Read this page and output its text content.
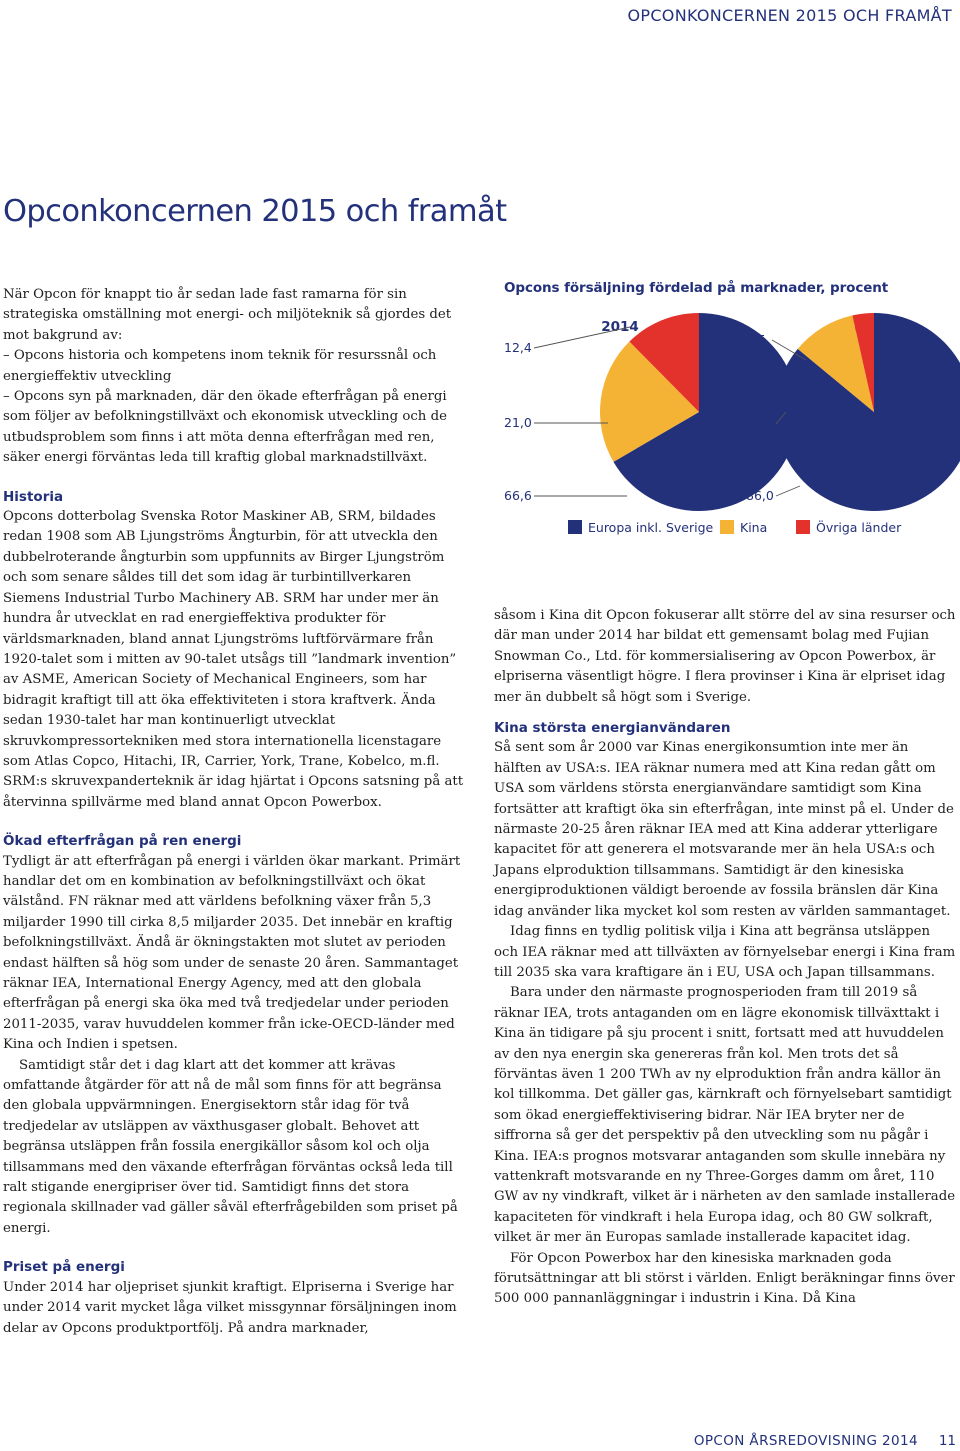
OPCONKONCERNEN 2015 OCH FRAMÅT
Opconkoncernen 2015 och framåt

När Opcon för knappt tio år sedan lade fast ramarna för sin strategiska omställning mot energi- och miljöteknik så gjordes det mot bakgrund av:

– Opcons historia och kompetens inom teknik för resurssnål och energieffektiv utveckling

– Opcons syn på marknaden, där den ökade efterfrågan på energi som följer av befolkningstillväxt och ekonomisk utveckling och de utbudsproblem som finns i att möta denna efterfrågan med ren, säker energi förväntas leda till kraftig global marknadstillväxt.

Historia

Opcons dotterbolag Svenska Rotor Maskiner AB, SRM, bildades redan 1908 som AB Ljungströms Ångturbin, för att utveckla den dubbelroterande ångturbin som uppfunnits av Birger Ljungström och som senare såldes till det som idag är turbintillverkaren Siemens Industrial Turbo Machinery AB. SRM har under mer än hundra år utvecklat en rad energieffektiva produkter för världsmarknaden, bland annat Ljungströms luftförvärmare från 1920-talet som i mitten av 90-talet utsågs till ”landmark invention” av ASME, American Society of Mechanical Engineers, som har bidragit kraftigt till att öka effektiviteten i stora kraftverk. Ända sedan 1930-talet har man kontinuerligt utvecklat skruvkompressortekniken med stora internationella licenstagare som Atlas Copco, Hitachi, IR, Carrier, York, Trane, Kobelco, m.fl. SRM:s skruvexpanderteknik är idag hjärtat i Opcons satsning på att återvinna spillvärme med bland annat Opcon Powerbox.

Ökad efterfrågan på ren energi

Tydligt är att efterfrågan på energi i världen ökar markant. Primärt handlar det om en kombination av befolkningstillväxt och ökat välstånd. FN räknar med att världens befolkning växer från 5,3 miljarder 1990 till cirka 8,5 miljarder 2035. Det innebär en kraftig befolkningstillväxt. Ändå är ökningstakten mot slutet av perioden endast hälften så hög som under de senaste 20 åren. Sammantaget räknar IEA, International Energy Agency, med att den globala efterfrågan på energi ska öka med två tredjedelar under perioden 2011-2035, varav huvuddelen kommer från icke-OECD-länder med Kina och Indien i spetsen.

Samtidigt står det i dag klart att det kommer att krävas omfattande åtgärder för att nå de mål som finns för att begränsa den globala uppvärmningen. Energisektorn står idag för två tredjedelar av utsläppen av växthusgaser globalt. Behovet att begränsa utsläppen från fossila energikällor såsom kol och olja tillsammans med den växande efterfrågan förväntas också leda till ralt stigande energipriser över tid. Samtidigt finns det stora regionala skillnader vad gäller såväl efterfrågebilden som priset på energi.

Priset på energi

Under 2014 har oljepriset sjunkit kraftigt. Elpriserna i Sverige har under 2014 varit mycket låga vilket missgynnar försäljningen inom delar av Opcons produktportfölj. På andra marknader,

Opcons försäljning fördelad på marknader, procent
2014
12,4
21,0
66,6
3,5
10,5
86,0
Europa inkl. Sverige Kina	Övriga länder

såsom i Kina dit Opcon fokuserar allt större del av sina resurser och där man under 2014 har bildat ett gemensamt bolag med Fujian Snowman Co., Ltd. för kommersialisering av Opcon Powerbox, är elpriserna väsentligt högre. I flera provinser i Kina är elpriset idag mer än dubbelt så högt som i Sverige.

Kina största energianvändaren

Så sent som år 2000 var Kinas energikonsumtion inte mer än hälften av USA:s. IEA räknar numera med att Kina redan gått om USA som världens största energianvändare samtidigt som Kina fortsätter att kraftigt öka sin efterfrågan, inte minst på el. Under de närmaste 20-25 åren räknar IEA med att Kina adderar ytterligare kapacitet för att generera el motsvarande mer än hela USA:s och Japans elproduktion tillsammans. Samtidigt är den kinesiska energiproduktionen väldigt beroende av fossila bränslen där Kina idag använder lika mycket kol som resten av världen sammantaget.

Idag finns en tydlig politisk vilja i Kina att begränsa utsläppen och IEA räknar med att tillväxten av förnyelsebar energi i Kina fram till 2035 ska vara kraftigare än i EU, USA och Japan tillsammans.

Bara under den närmaste prognosperioden fram till 2019 så räknar IEA, trots antaganden om en lägre ekonomisk tillväxttakt i Kina än tidigare på sju procent i snitt, fortsatt med att huvuddelen av den nya energin ska genereras från kol. Men trots det så förväntas även 1 200 TWh av ny elproduktion från andra källor än kol tillkomma. Det gäller gas, kärnkraft och förnyelsebart samtidigt som ökad energieffektivisering bidrar. När IEA bryter ner de siffrorna så ger det perspektiv på den utveckling som nu pågår i Kina. IEA:s prognos motsvarar antaganden som skulle innebära ny vattenkraft motsvarande en ny Three-Gorges damm om året, 110 GW av ny vindkraft, vilket är i närheten av den samlade installerade kapaciteten för vindkraft i hela Europa idag, och 80 GW solkraft, vilket är mer än Europas samlade installerade kapacitet idag.

För Opcon Powerbox har den kinesiska marknaden goda förutsättningar att bli störst i världen. Enligt beräkningar finns över 500 000 pannanläggningar i industrin i Kina. Då Kina

OPCON ÅRSREDOVISNING 2014 11
